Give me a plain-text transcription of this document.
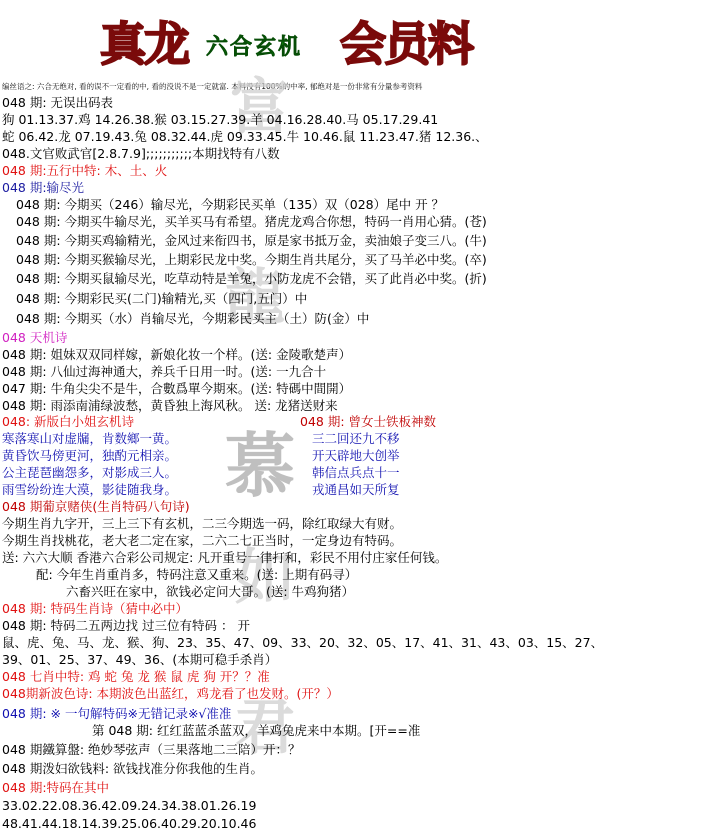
真龙 六合玄机 会员料
编丝语之: 六合无绝对, 看的误不一定看的中, 看的没说不是一定就富. 本料没有100%的中率, 郁绝对是一份非常有分量参考资料
富
龍
慕
如
君
048 期: 无误出码表
狗 01.13.37.鸡 14.26.38.猴 03.15.27.39.羊 04.16.28.40.马 05.17.29.41
蛇 06.42.龙 07.19.43.兔 08.32.44.虎 09.33.45.牛 10.46.鼠 11.23.47.猪 12.36.、
048.文官败武官[2.8.7.9];;;;;;;;;;;本期找特有八数
048 期:五行中特: 木、土、火
048 期:输尽光
048 期: 今期买（246）输尽光，今期彩民买单（135）双（028）尾中 开 ？
048 期: 今期买牛输尽光，买羊买马有希望。猪虎龙鸡合你想，特码一肖用心猜。(苍)
048 期: 今期买鸡输精光，金风过来衔四书，原是家书抵万金，卖油娘子变三八。(牛)
048 期: 今期买猴输尽光，上期彩民龙中奖。今期生肖共尾分，买了马羊必中奖。(卒)
048 期: 今期买鼠输尽光，吃草动特是羊兔，小防龙虎不会错，买了此肖必中奖。(折)
048 期: 今期彩民买(二门)输精光,买（四门,五门）中
048 期: 今期买（水）肖输尽光，今期彩民买主（土）防(金）中
048 天机诗
048 期: 姐妹双双同样嫁，新娘化妆一个样。(送: 金陵歌楚声）
048 期: 八仙过海神通大，养兵千日用一时。(送: 一九合十
047 期: 牛角尖尖不是牛，合數爲單今期來。(送: 特碼中間開）
048 期: 雨添南浦绿波愁，黄昏独上海风秋。 送: 龙猪送财来
048 期葡京赌侠(生肖特码八句诗)
今期生肖九字开，三上三下有玄机，二三今期选一码，除红取绿大有财。
今期生肖找桃花，老大老二定在家，二六二七正当时，一定身边有特码。
送: 六六大顺 香港六合彩公司规定: 凡开重号一律打和，彩民不用付庄家任何钱。
配: 今年生肖重肖多，特码注意又重来。(送: 上期有码寻）
六畜兴旺在家中，欲钱必定问大哥。(送: 牛鸡狗猪）
048 期: 特码生肖诗（猜中必中）
048 期: 特码二五两边找 过三位有特码 ： 开
鼠、虎、兔、马、龙、猴、狗、23、35、47、09、33、20、32、05、17、41、31、43、03、15、27、
39、01、25、37、49、36、(本期可稳手杀肖）
048 七肖中特: 鸡 蛇 兔 龙 猴 鼠 虎 狗 开？？准
048期新波色诗: 本期波色出蓝红，鸡龙看了也发财。(开？）
048 期: ※ 一句解特码※无错记录※√准准
第 048 期: 红红蓝蓝杀蓝双，羊鸡兔虎来中本期。[开==准
048 期鐵算盤: 绝妙琴弦声（三果落地二三陪）开：？
048 期泼妇欲钱料: 欲钱找准分你我他的生肖。
048 期:特码在其中
33.02.22.08.36.42.09.24.34.38.01.26.19
48.41.44.18.14.39.25.06.40.29.20.10.46
048: 新版白小姐玄机诗
寒落寒山对虚牖，肯数鄉一黄。
黄昏饮马傍更河，独酌元相亲。
公主琵琶幽怨多，对影成三人。
雨雪纷纷连大漠，影徒随我身。
048 期: 曾女士铁板神数
三二回还九不移
开天辟地大创举
韩信点兵点十一
戎通昌如天所复
